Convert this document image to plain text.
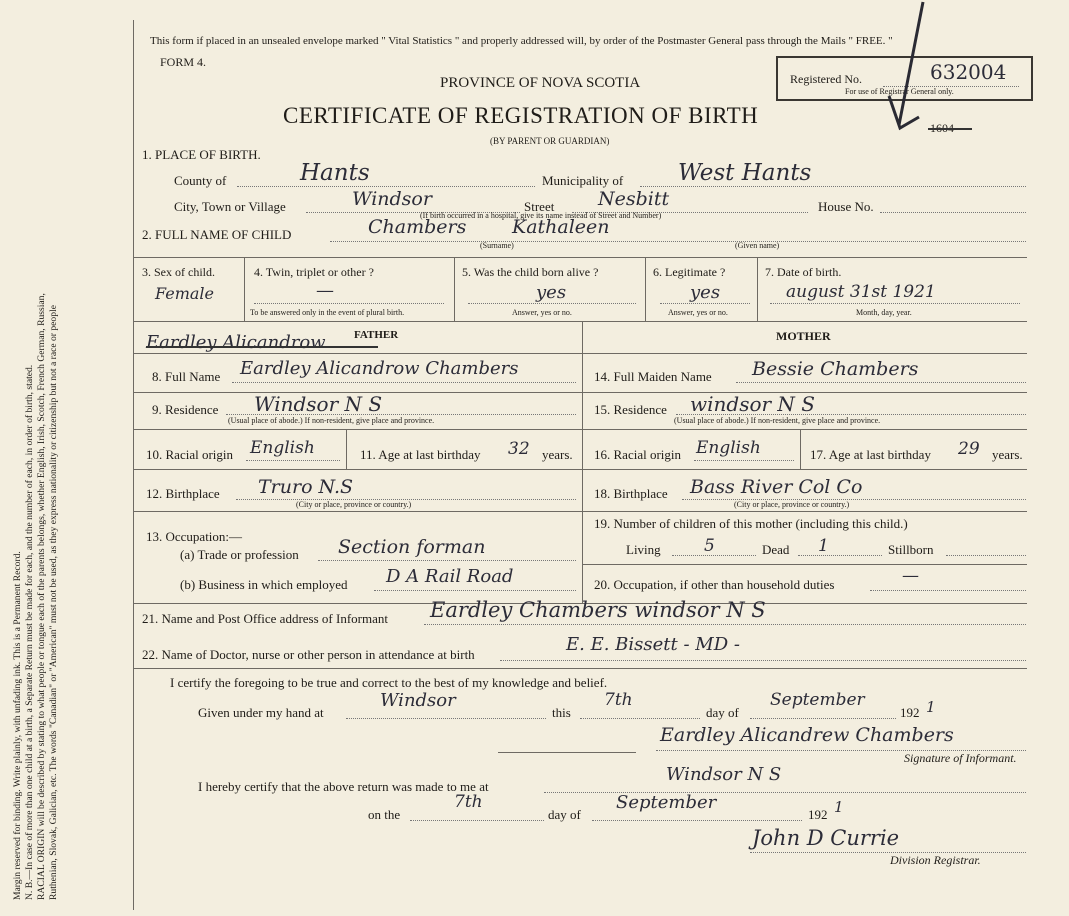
Margin reserved for binding. Write plainly, with unfading ink. This is a Permanent Record. N. B.—In case of more than one child at a birth, a Separate Return must be made for each, and the number of each, in order of birth, stated. RACIAL ORIGIN will be described by stating to what people or tongue each of the parents belongs, whether English, Irish, Scotch, French German, Russian, Ruthenian, Slovak, Galician, etc. The words "Canadian" or "American" must not be used, as they express nationality or citizenship but not a race or people
This form if placed in an unsealed envelope marked " Vital Statistics " and properly addressed will, by order of the Postmaster General pass through the Mails " FREE. "
FORM 4.
PROVINCE OF NOVA SCOTIA
CERTIFICATE OF REGISTRATION OF BIRTH
(BY PARENT OR GUARDIAN)
Registered No.	632004
For use of Registrar General only.
1604
1. PLACE OF BIRTH.
County of	Hants	Municipality of West Hants
City, Town or Village	Windsor	Street Nesbitt	House No.
(If birth occurred in a hospital, give its name instead of Street and Number)
2. FULL NAME OF CHILD	Chambers Kathaleen
(Surname)	(Given name)
3. Sex of child.
Female
4. Twin, triplet or other ?
—
To be answered only in the event of plural birth.
5. Was the child born alive ?
yes
Answer, yes or no.
6. Legitimate ?
yes
Answer, yes or no.
7. Date of birth.
august 31st 1921
Month, day, year.
Eardley Alicandrow	FATHER	MOTHER
8. Full Name Eardley Alicandrow Chambers	14. Full Maiden Name Bessie Chambers
9. Residence Windsor N S
(Usual place of abode.) If non-resident, give place and province.
15. Residence windsor N S
(Usual place of abode.) If non-resident, give place and province.
10. Racial origin English	11. Age at last birthday 32 years. 16. Racial origin English	17. Age at last birthday 29 years.
12. Birthplace Truro N.S
(City or place, province or country.)
18. Birthplace Bass River Col Co
(City or place, province or country.)
13. Occupation:—
(a) Trade or profession Section forman
(b) Business in which employed D A Rail Road
19. Number of children of this mother (including this child.)
Living	5	Dead 1	Stillborn
20. Occupation, if other than household duties	—
21. Name and Post Office address of Informant Eardley Chambers windsor N S
22. Name of Doctor, nurse or other person in attendance at birth	E. E. Bissett - MD -
I certify the foregoing to be true and correct to the best of my knowledge and belief.
Given under my hand at
Windsor
this
7th
day of
September
192 1
Eardley Alicandrew Chambers
Signature of Informant.
I hereby certify that the above return was made to me at
Windsor N S
on the
7th
day of
September
192 1
John D Currie
Division Registrar.
